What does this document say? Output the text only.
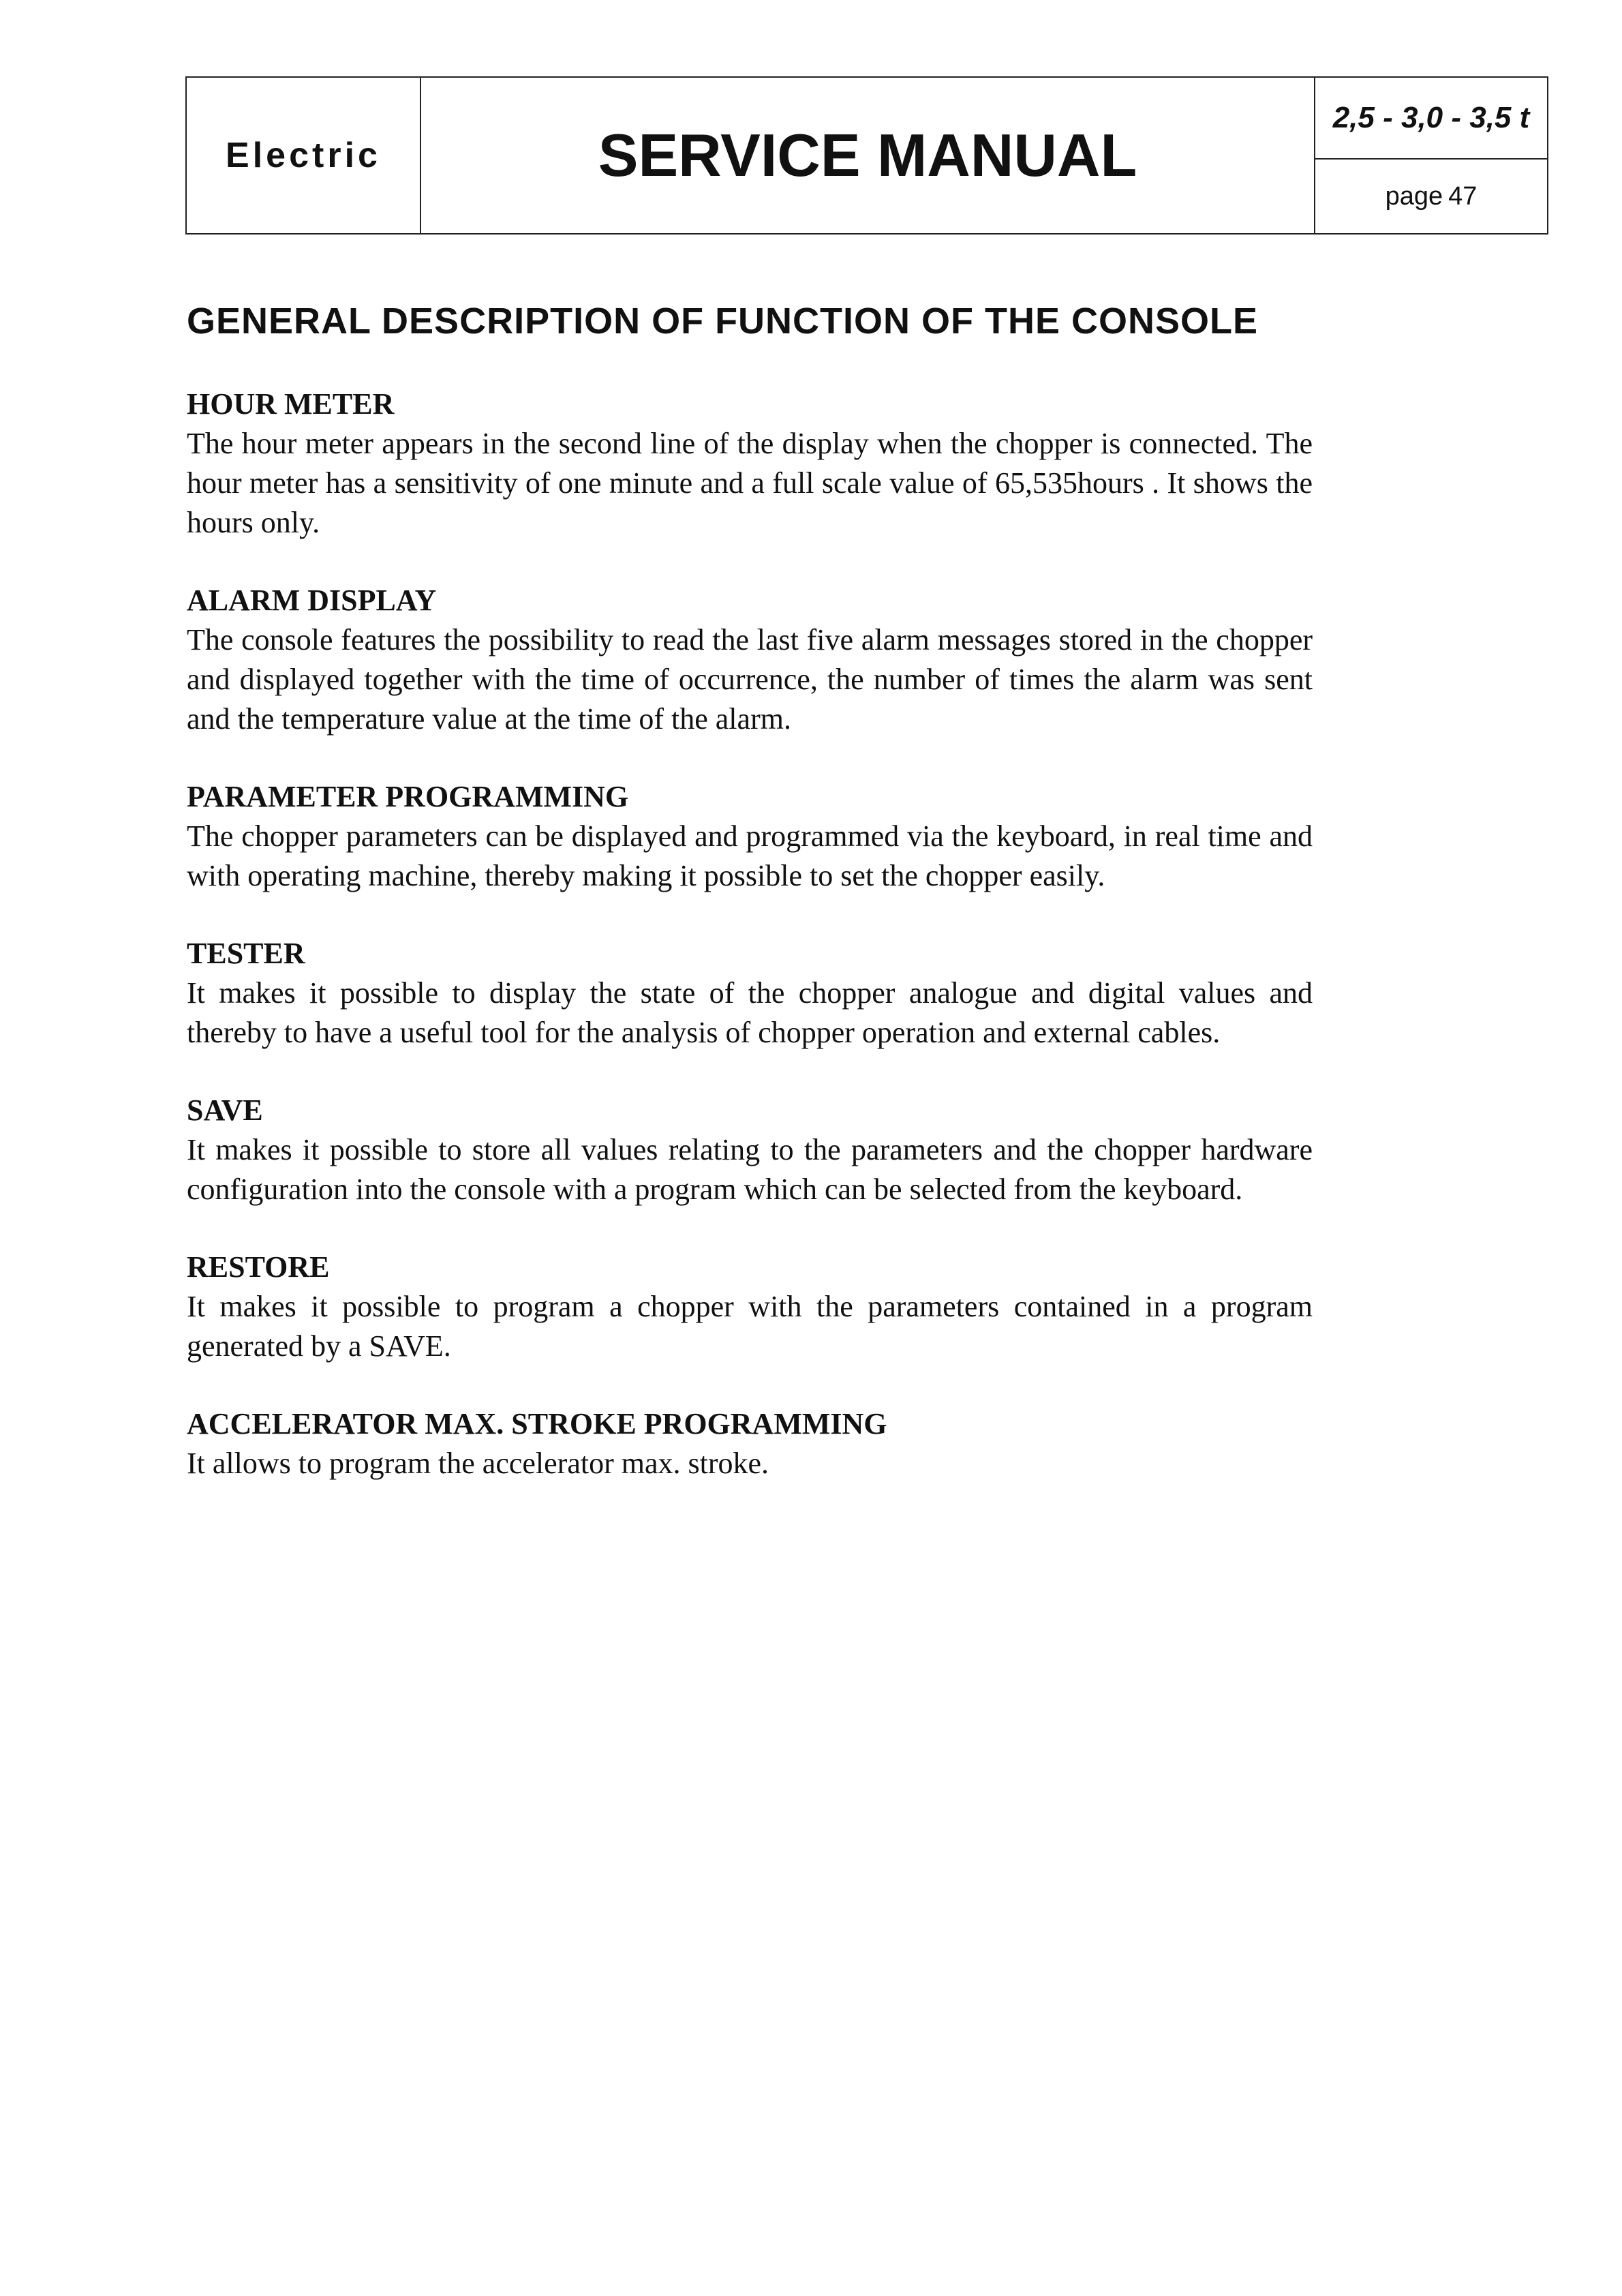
Electric	SERVICE MANUAL
2,5 - 3,0 - 3,5 t
page 47
GENERAL DESCRIPTION OF FUNCTION OF THE CONSOLE
HOUR METER

The hour meter appears in the second line of the display when the chopper is connected. The hour meter has a sensitivity of one minute and a full scale value of 65,535hours . It shows the hours only.

ALARM DISPLAY

The console features the possibility to read the last five alarm messages stored in the chopper and displayed together with the time of occurrence, the number of times the alarm was sent and the temperature value at the time of the alarm.

PARAMETER PROGRAMMING

The chopper parameters can be displayed and programmed via the keyboard, in real time and with operating machine, thereby making it possible to set the chopper easily.

TESTER

It makes it possible to display the state of the chopper analogue and digital values and thereby to have a useful tool for the analysis of chopper operation and external cables.

SAVE

It makes it possible to store all values relating to the parameters and the chopper hardware configuration into the console with a program which can be selected from the keyboard.

RESTORE

It makes it possible to program a chopper with the parameters contained in a program generated by a SAVE.

ACCELERATOR MAX. STROKE PROGRAMMING

It allows to program the accelerator max. stroke.
